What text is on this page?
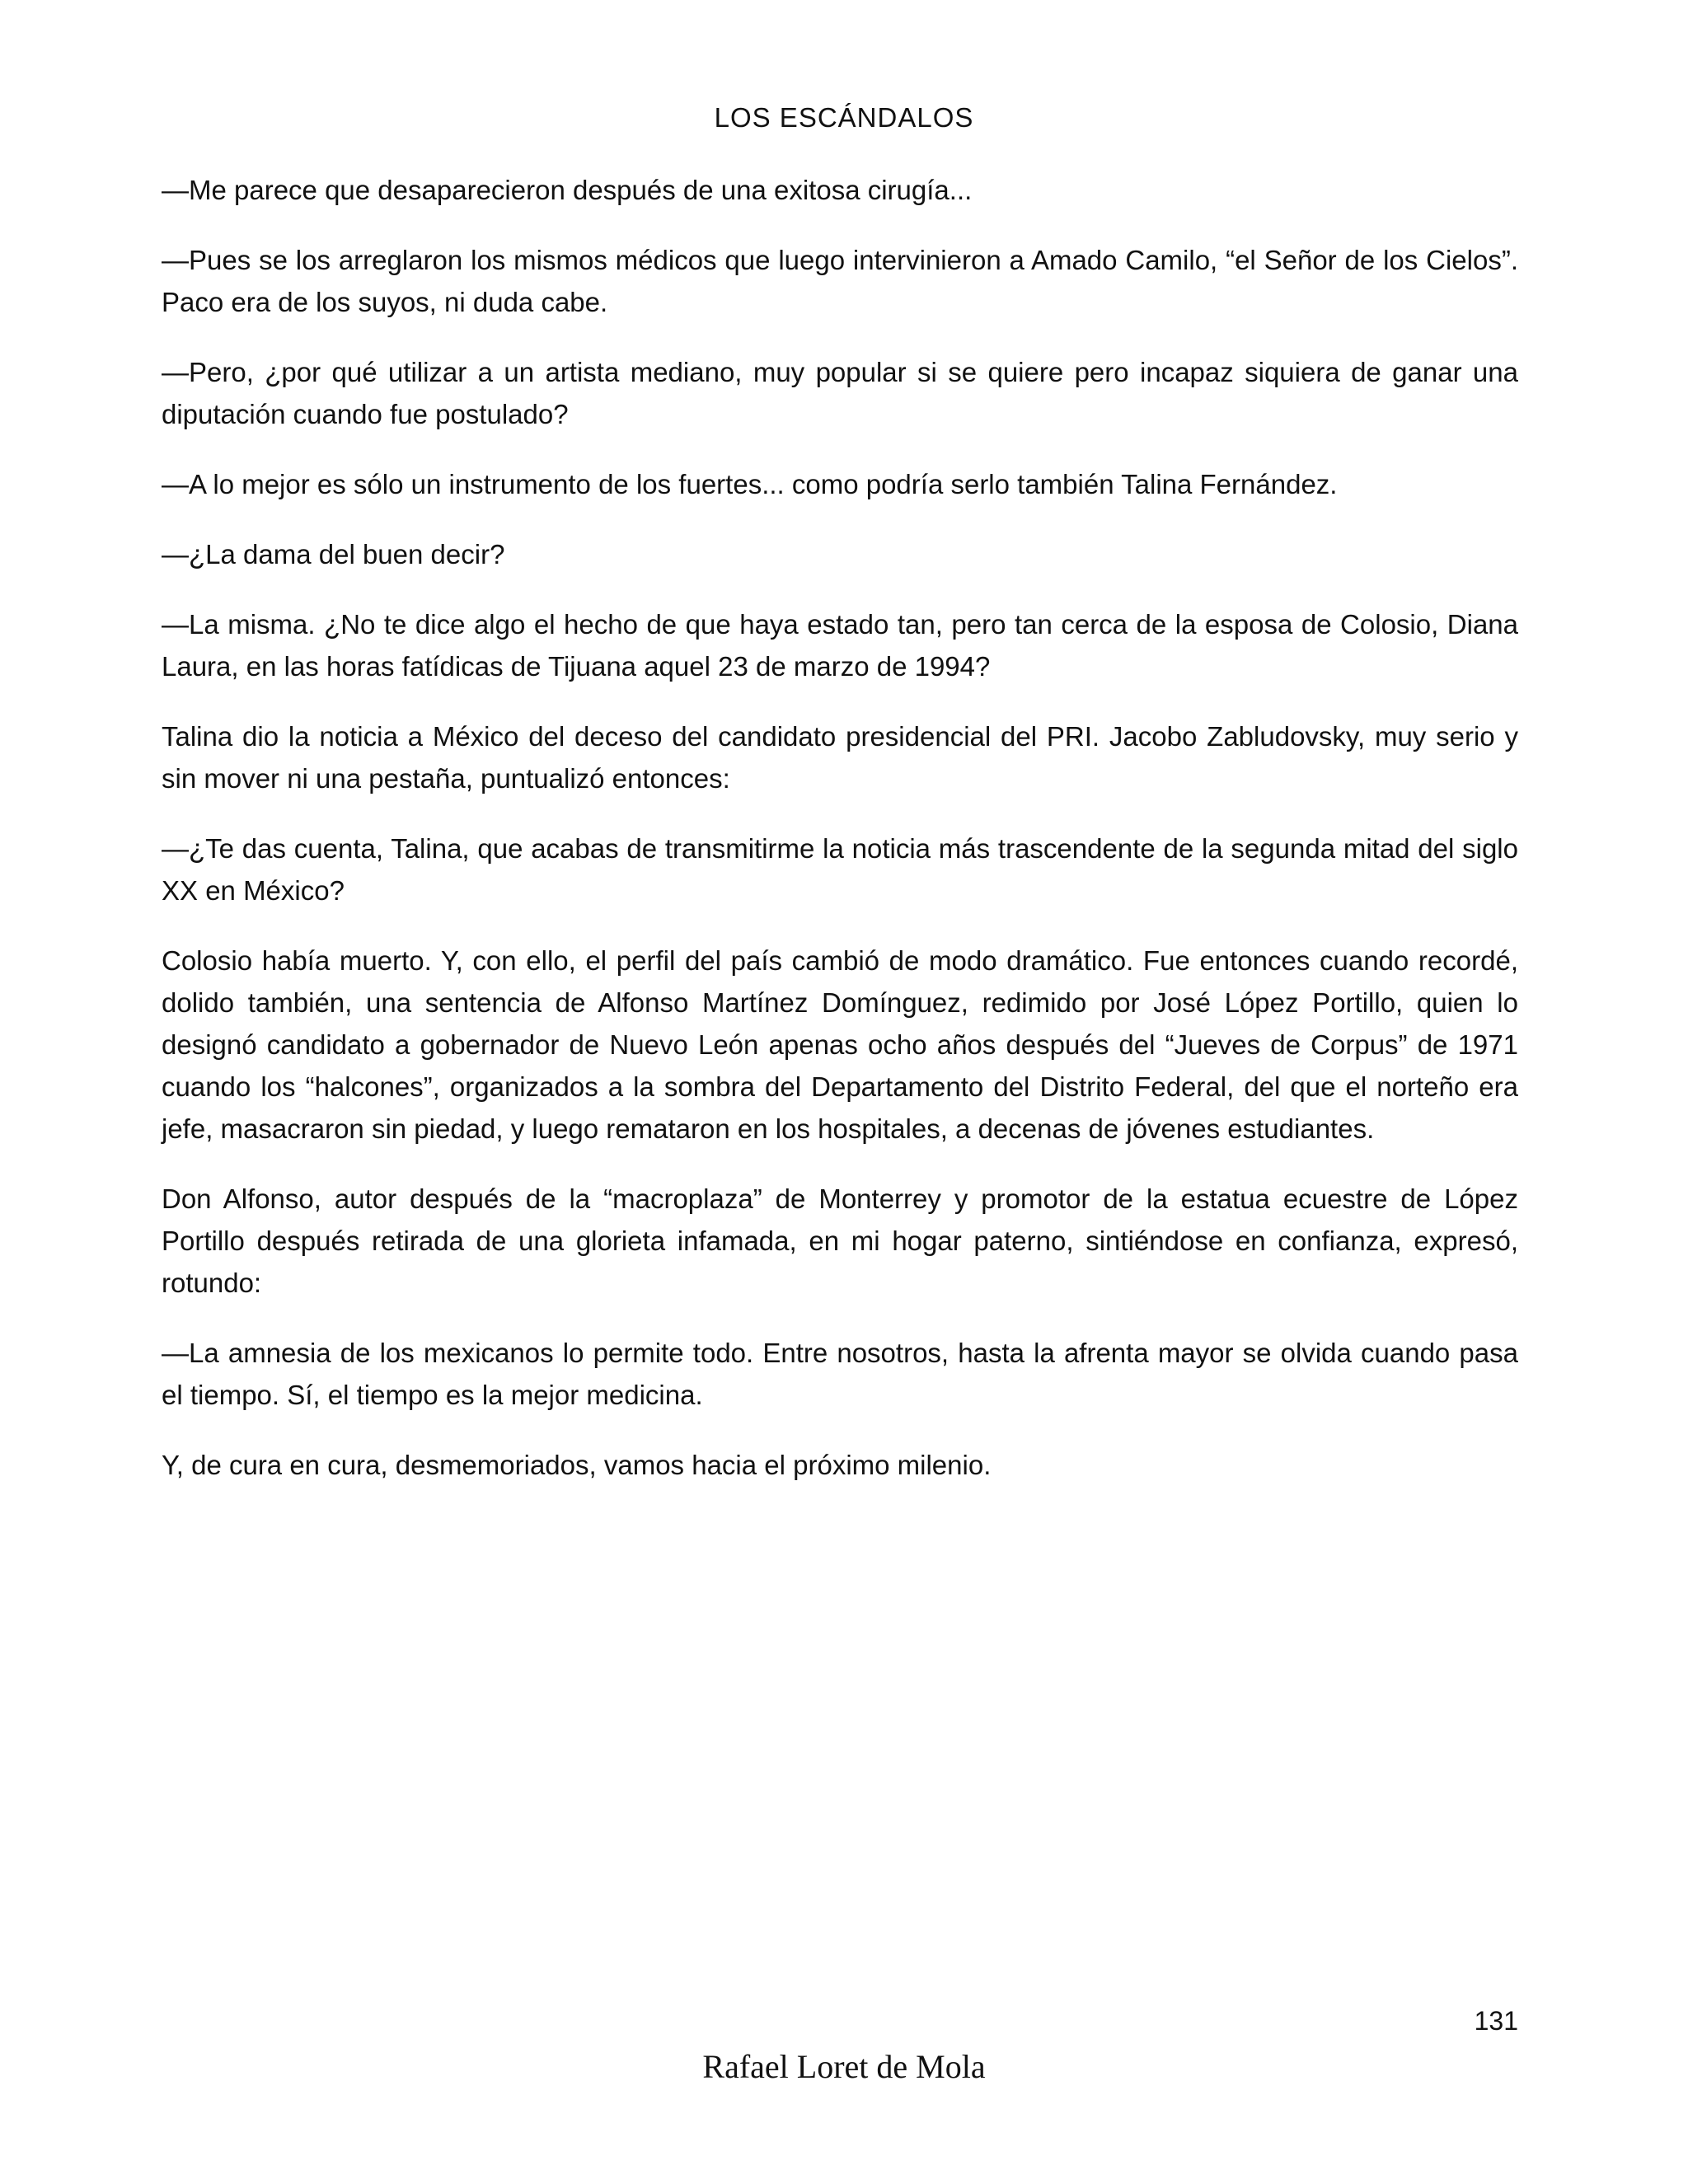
LOS ESCÁNDALOS

—Me parece que desaparecieron después de una exitosa cirugía...

—Pues se los arreglaron los mismos médicos que luego intervinieron a Amado Camilo, “el Señor de los Cielos”. Paco era de los suyos, ni duda cabe.

—Pero, ¿por qué utilizar a un artista mediano, muy popular si se quiere pero incapaz siquiera de ganar una diputación cuando fue postulado?

—A lo mejor es sólo un instrumento de los fuertes... como podría serlo también Talina Fernández.

—¿La dama del buen decir?

—La misma. ¿No te dice algo el hecho de que haya estado tan, pero tan cerca de la esposa de Colosio, Diana Laura, en las horas fatídicas de Tijuana aquel 23 de marzo de 1994?

Talina dio la noticia a México del deceso del candidato presidencial del PRI. Jacobo Zabludovsky, muy serio y sin mover ni una pestaña, puntualizó entonces:

—¿Te das cuenta, Talina, que acabas de transmitirme la noticia más trascendente de la segunda mitad del siglo XX en México?

Colosio había muerto. Y, con ello, el perfil del país cambió de modo dramático. Fue entonces cuando recordé, dolido también, una sentencia de Alfonso Martínez Domínguez, redimido por José López Portillo, quien lo designó candidato a gobernador de Nuevo León apenas ocho años después del “Jueves de Corpus” de 1971 cuando los “halcones”, organizados a la sombra del Departamento del Distrito Federal, del que el norteño era jefe, masacraron sin piedad, y luego remataron en los hospitales, a decenas de jóvenes estudiantes.

Don Alfonso, autor después de la “macroplaza” de Monterrey y promotor de la estatua ecuestre de López Portillo después retirada de una glorieta infamada, en mi hogar paterno, sintiéndose en confianza, expresó, rotundo:

—La amnesia de los mexicanos lo permite todo. Entre nosotros, hasta la afrenta mayor se olvida cuando pasa el tiempo. Sí, el tiempo es la mejor medicina.

Y, de cura en cura, desmemoriados, vamos hacia el próximo milenio.

131

Rafael Loret de Mola
